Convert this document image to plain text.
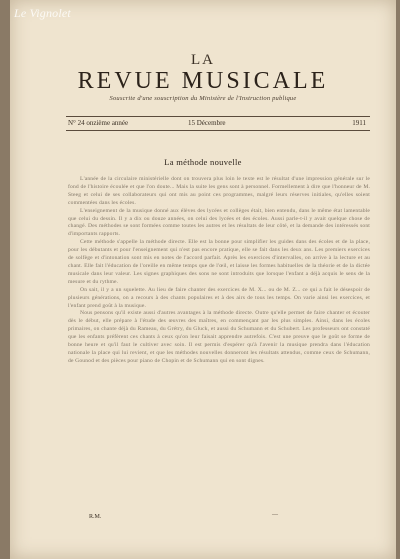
Le Vignolet
LA
REVUE MUSICALE
Souscrite d'une souscription du Ministère de l'Instruction publique
N° 24 onzième année	15 Décembre	1911
La méthode nouvelle

L'année de la circulaire ministérielle dont on trouvera plus loin le texte est le résultat d'une impression générale sur le fond de l'histoire écoulée et que l'on doute... Mais la suite les gens sont à personnel. Formellement à dire que l'honneur de M. Steeg et celui de ses collaborateurs qui ont mis au point ces programmes, malgré leurs réserves initiales, qu'elles soient commentées dans les écoles.

L'enseignement de la musique donné aux élèves des lycées et collèges était, bien entendu, dans le même état lamentable que celui du dessin. Il y a dix ou douze années, on celui des lycées et des écoles. Aussi parle-t-il y avait quelque chose de changé. Des méthodes se sont formées comme toutes les autres et les résultats de leur côté, et la demande des intéressés sont d'importants rapports.

Cette méthode s'appelle la méthode directe. Elle est la bonne pour simplifier les guides dans des écoles et de la place, pour les débutants et pour l'enseignement qui n'est pas encore pratique, elle se fait dans les deux ans. Les premiers exercices de solfège et d'intonation sont mis en notes de l'accord parfait. Après les exercices d'intervalles, on arrive à la lecture et au chant. Elle fait l'éducation de l'oreille en même temps que de l'œil, et laisse les formes habituelles de la théorie et de la dictée musicale dans leur valeur. Les signes graphiques des sons ne sont introduits que lorsque l'enfant a déjà acquis le sens de la mesure et du rythme.

On sait, il y a un squelette. Au lieu de faire chanter des exercices de M. X... ou de M. Z... ce qui a fait le désespoir de plusieurs générations, on a recours à des chants populaires et à des airs de tous les temps. On varie ainsi les exercices, et l'enfant prend goût à la musique.

Nous pensons qu'il existe aussi d'autres avantages à la méthode directe. Outre qu'elle permet de faire chanter et écouter dès le début, elle prépare à l'étude des œuvres des maîtres, en commençant par les plus simples. Ainsi, dans les écoles primaires, on chante déjà du Rameau, du Grétry, du Gluck, et aussi du Schumann et du Schubert. Les professeurs ont constaté que les enfants préfèrent ces chants à ceux qu'on leur faisait apprendre autrefois. C'est une preuve que le goût se forme de bonne heure et qu'il faut le cultiver avec soin. Il est permis d'espérer qu'à l'avenir la musique prendra dans l'éducation nationale la place qui lui revient, et que les méthodes nouvelles donneront les résultats attendus, comme ceux de Schumann, de Gounod et des pièces pour piano de Chopin et de Schumann qui en sont dignes.

R.M.	—
